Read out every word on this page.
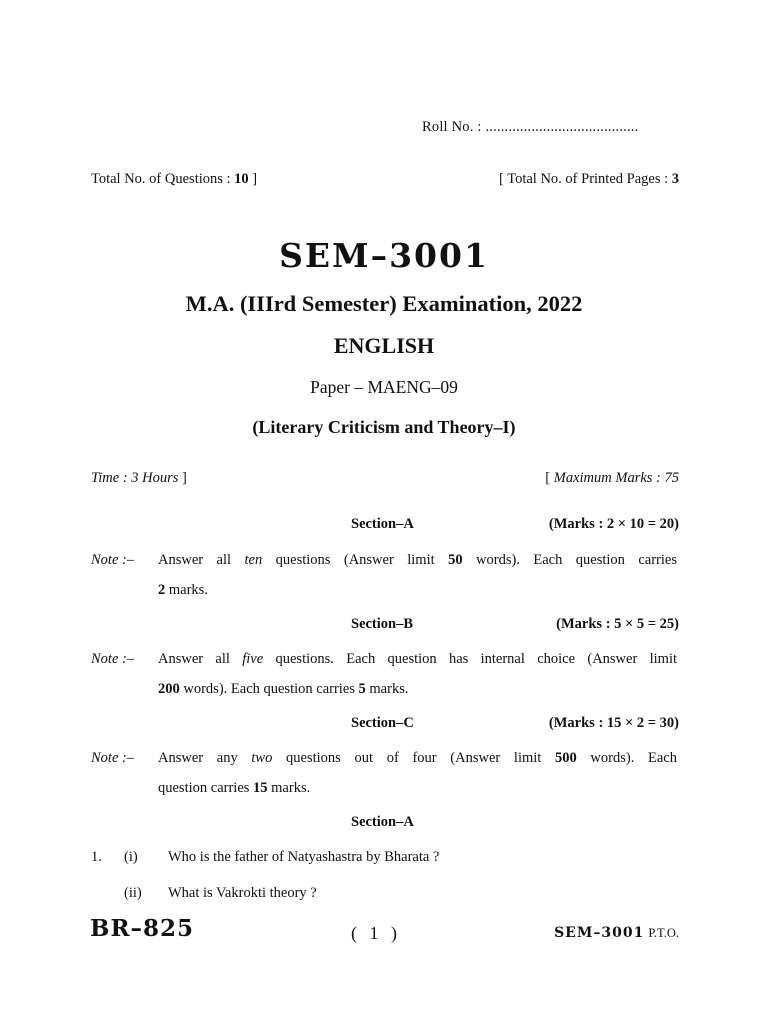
Roll No. : ........................................
Total No. of Questions : 10 ]	[ Total No. of Printed Pages : 3
SEM–3001
M.A. (IIIrd Semester) Examination, 2022
ENGLISH
Paper – MAENG–09
(Literary Criticism and Theory–I)
Time : 3 Hours ]	[ Maximum Marks : 75
Section–A	(Marks : 2 × 10 = 20)
Note :– Answer all ten questions (Answer limit 50 words). Each question carries
2 marks.
Section–B	(Marks : 5 × 5 = 25)
Note :– Answer all five questions. Each question has internal choice (Answer limit
200 words). Each question carries 5 marks.
Section–C	(Marks : 15 × 2 = 30)
Note :– Answer any two questions out of four (Answer limit 500 words). Each
question carries 15 marks.
Section–A
1. (i) Who is the father of Natyashastra by Bharata ?
(ii) What is Vakrokti theory ?
BR–825	( 1 )	SEM–3001 P.T.O.
